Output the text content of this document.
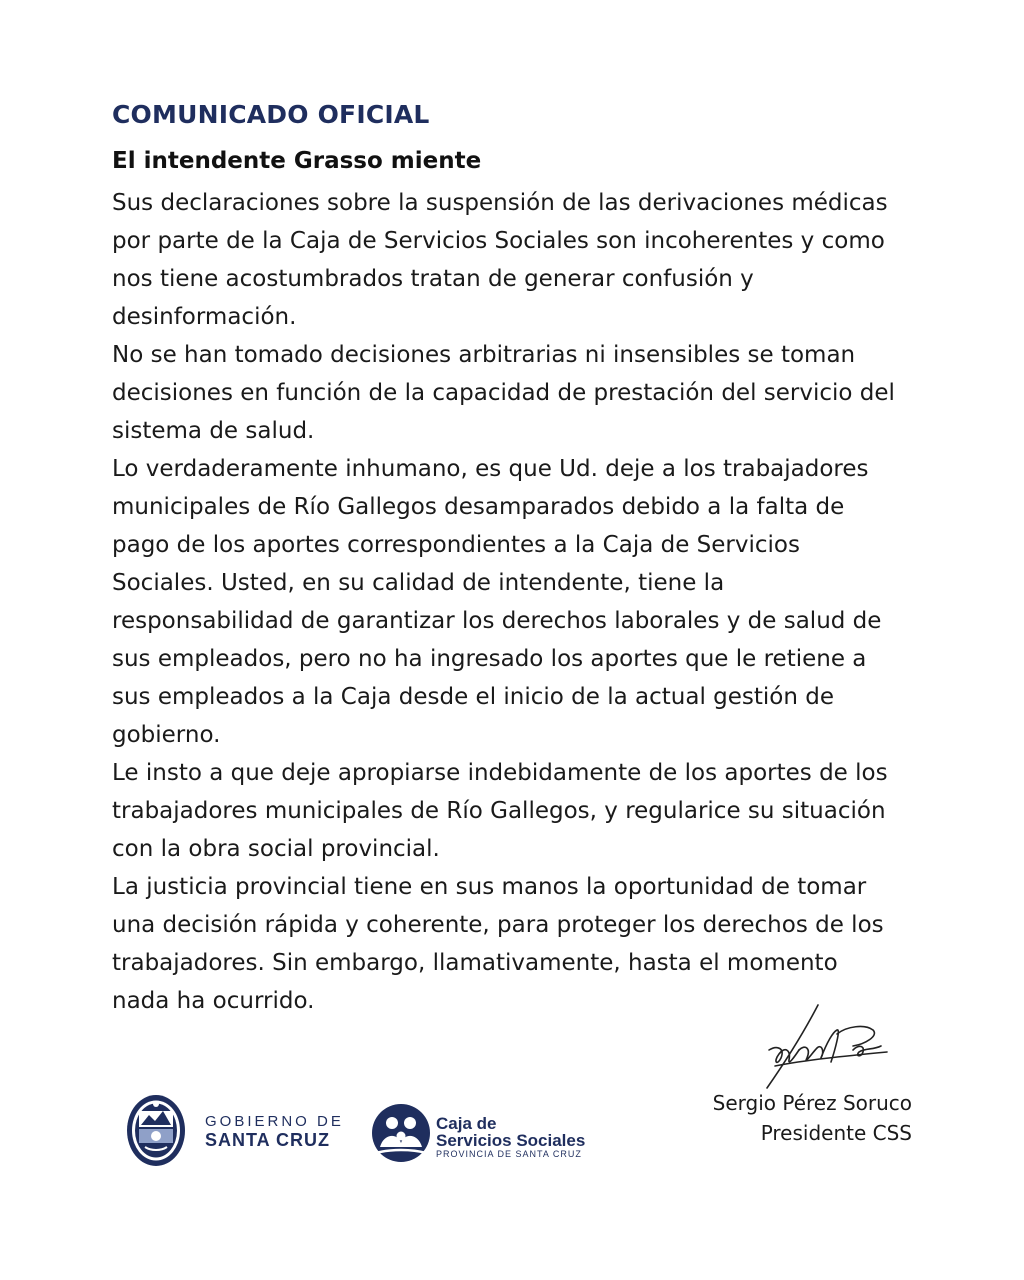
COMUNICADO OFICIAL
El intendente Grasso miente

Sus declaraciones sobre la suspensión de las derivaciones médicas
por parte de la Caja de Servicios Sociales son incoherentes y como
nos tiene acostumbrados tratan de generar confusión y
desinformación.

No se han tomado decisiones arbitrarias ni insensibles se toman
decisiones en función de la capacidad de prestación del servicio del
sistema de salud.

Lo verdaderamente inhumano, es que Ud. deje a los trabajadores
municipales de Río Gallegos desamparados debido a la falta de
pago de los aportes correspondientes a la Caja de Servicios
Sociales. Usted, en su calidad de intendente, tiene la
responsabilidad de garantizar los derechos laborales y de salud de
sus empleados, pero no ha ingresado los aportes que le retiene a
sus empleados a la Caja desde el inicio de la actual gestión de
gobierno.

Le insto a que deje apropiarse indebidamente de los aportes de los
trabajadores municipales de Río Gallegos, y regularice su situación
con la obra social provincial.

La justicia provincial tiene en sus manos la oportunidad de tomar
una decisión rápida y coherente, para proteger los derechos de los
trabajadores. Sin embargo, llamativamente, hasta el momento
nada ha ocurrido.

Sergio Pérez Soruco
Presidente CSS
GOBIERNO DE
SANTA CRUZ
Caja de
Servicios Sociales
PROVINCIA DE SANTA CRUZ
